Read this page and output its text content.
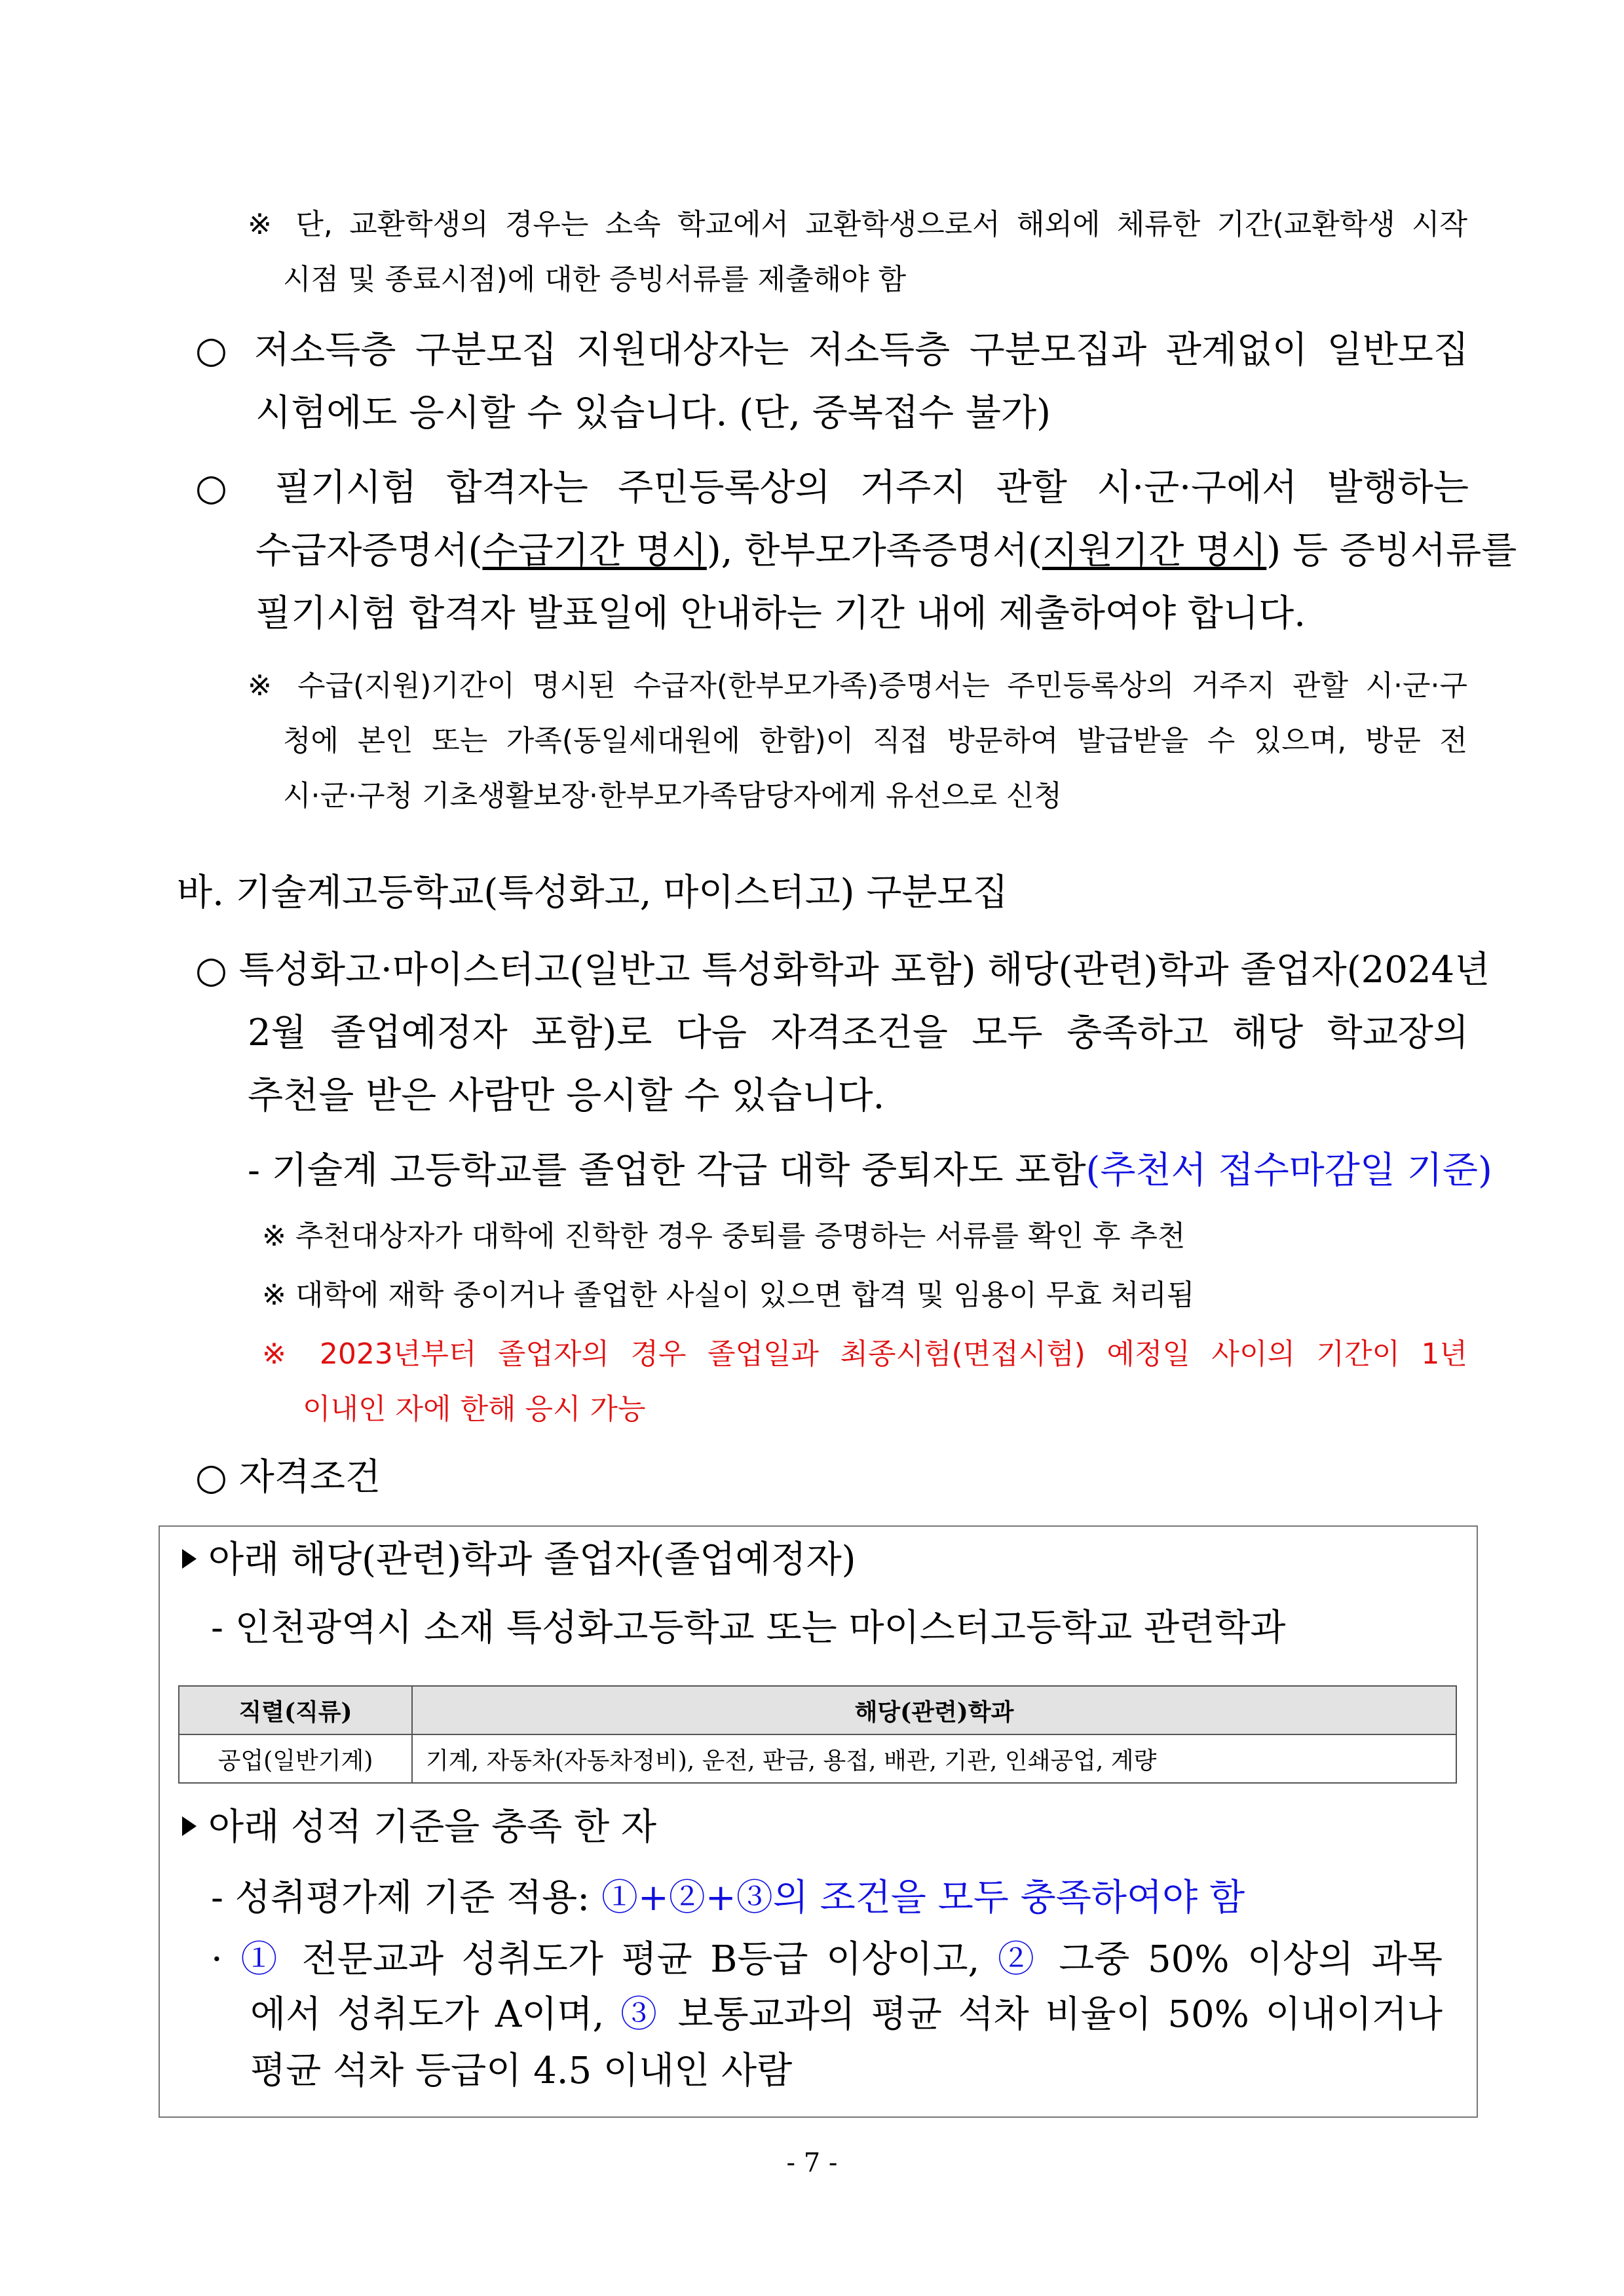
※ 단, 교환학생의 경우는 소속 학교에서 교환학생으로서 해외에 체류한 기간(교환학생 시작
시점 및 종료시점)에 대한 증빙서류를 제출해야 함
○ 저소득층 구분모집 지원대상자는 저소득층 구분모집과 관계없이 일반모집
시험에도 응시할 수 있습니다. (단, 중복접수 불가)
○ 필기시험 합격자는 주민등록상의 거주지 관할 시·군·구에서 발행하는
수급자증명서(수급기간 명시), 한부모가족증명서(지원기간 명시) 등 증빙서류를
필기시험 합격자 발표일에 안내하는 기간 내에 제출하여야 합니다.
※ 수급(지원)기간이 명시된 수급자(한부모가족)증명서는 주민등록상의 거주지 관할 시·군·구
청에 본인 또는 가족(동일세대원에 한함)이 직접 방문하여 발급받을 수 있으며, 방문 전
시·군·구청 기초생활보장·한부모가족담당자에게 유선으로 신청
바. 기술계고등학교(특성화고, 마이스터고) 구분모집
○ 특성화고·마이스터고(일반고 특성화학과 포함) 해당(관련)학과 졸업자(2024년
2월 졸업예정자 포함)로 다음 자격조건을 모두 충족하고 해당 학교장의
추천을 받은 사람만 응시할 수 있습니다.
- 기술계 고등학교를 졸업한 각급 대학 중퇴자도 포함(추천서 접수마감일 기준)
※ 추천대상자가 대학에 진학한 경우 중퇴를 증명하는 서류를 확인 후 추천
※ 대학에 재학 중이거나 졸업한 사실이 있으면 합격 및 임용이 무효 처리됨
※ 2023년부터 졸업자의 경우 졸업일과 최종시험(면접시험) 예정일 사이의 기간이 1년
이내인 자에 한해 응시 가능
○ 자격조건
아래 해당(관련)학과 졸업자(졸업예정자)
- 인천광역시 소재 특성화고등학교 또는 마이스터고등학교 관련학과
직렬(직류)	해당(관련)학과
공업(일반기계)	기계, 자동차(자동차정비), 운전, 판금, 용접, 배관, 기관, 인쇄공업, 계량
아래 성적 기준을 충족 한 자
- 성취평가제 기준 적용: ①+②+③의 조건을 모두 충족하여야 함
· ① 전문교과 성취도가 평균 B등급 이상이고, ② 그중 50% 이상의 과목
에서 성취도가 A이며, ③ 보통교과의 평균 석차 비율이 50% 이내이거나
평균 석차 등급이 4.5 이내인 사람
- 7 -
